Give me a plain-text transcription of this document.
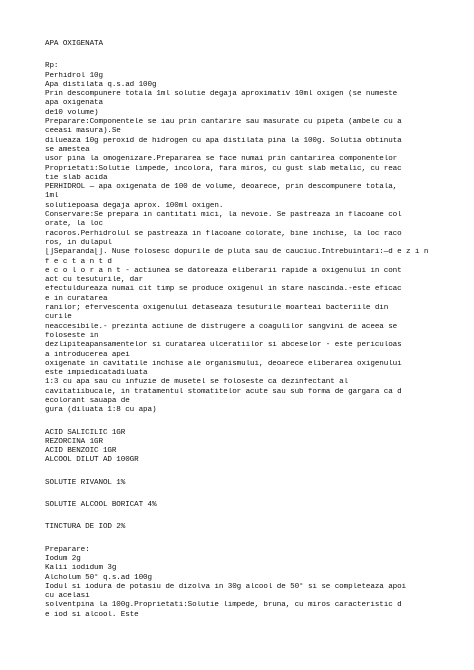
APA OXIGENATA
Rp:
Perhidrol 10g
Apa distilata q.s.ad 100g
Prin descompunere totala 1ml solutie degaja aproximativ 10ml oxigen (se numeste
apa oxigenata
de10 volume)
Preparare:Componentele se iau prin cantarire sau masurate cu pipeta (ambele cu a
ceeasi masura).Se
dilueaza 10g peroxid de hidrogen cu apa distilata pina la 100g. Solutia obtinuta
se amestea
usor pina la omogenizare.Prepararea se face numai prin cantarirea componentelor
Proprietati:Solutie limpede, incolora, fara miros, cu gust slab metalic, cu reac
tie slab acida
PERHIDROL — apa oxigenata de 100 de volume, deoarece, prin descompunere totala,
1ml
solutiepoasa degaja aprox. 100ml oxigen.
Conservare:Se prepara in cantitati mici, la nevoie. Se pastreaza in flacoane col
orate, la loc
racoros.Perhidrolul se pastreaza in flacoane colorate, bine inchise, la loc raco
ros, in dulapul
[]Separanda[]. Nuse folosesc dopurile de pluta sau de cauciuc.Intrebuintari:—d e z i n
f e c t a n t d
e c o l o r a n t - actiunea se datoreaza eliberarii rapide a oxigenului in cont
act cu tesuturile, dar
efectuldureaza numai cit timp se produce oxigenul in stare nascinda.-este eficac
e in curatarea
ranilor; efervescenta oxigenului detaseaza tesuturile moarteai bacteriile din
curile
neaccesibile.- prezinta actiune de distrugere a coagulilor sangvini de aceea se
foloseste in
dezlipiteapansamentelor si curatarea ulceratiilor si abceselor - este periculoas
a introducerea apei
oxigenate in cavitatile inchise ale organismului, deoarece eliberarea oxigenului
este impiedicatadiluata
1:3 cu apa sau cu infuzie de musetel se foloseste ca dezinfectant al
cavitatiibucale, in tratamentul stomatitelor acute sau sub forma de gargara ca d
ecolorant sauapa de
gura (diluata 1:8 cu apa)
ACID SALICILIC 1GR
REZORCINA 1GR
ACID BENZOIC 1GR
ALCOOL DILUT AD 100GR
SOLUTIE RIVANOL 1%
SOLUTIE ALCOOL BORICAT 4%
TINCTURA DE IOD 2%
Preparare:
Iodum 2g
Kalii iodidum 3g
Alcholum 50° q.s.ad 100g
Iodul si iodura de potasiu de dizolva in 30g alcool de 50° si se completeaza apoi
cu acelasi
solventpina la 100g.Proprietati:Solutie limpede, bruna, cu miros caracteristic d
e iod si alcool. Este
